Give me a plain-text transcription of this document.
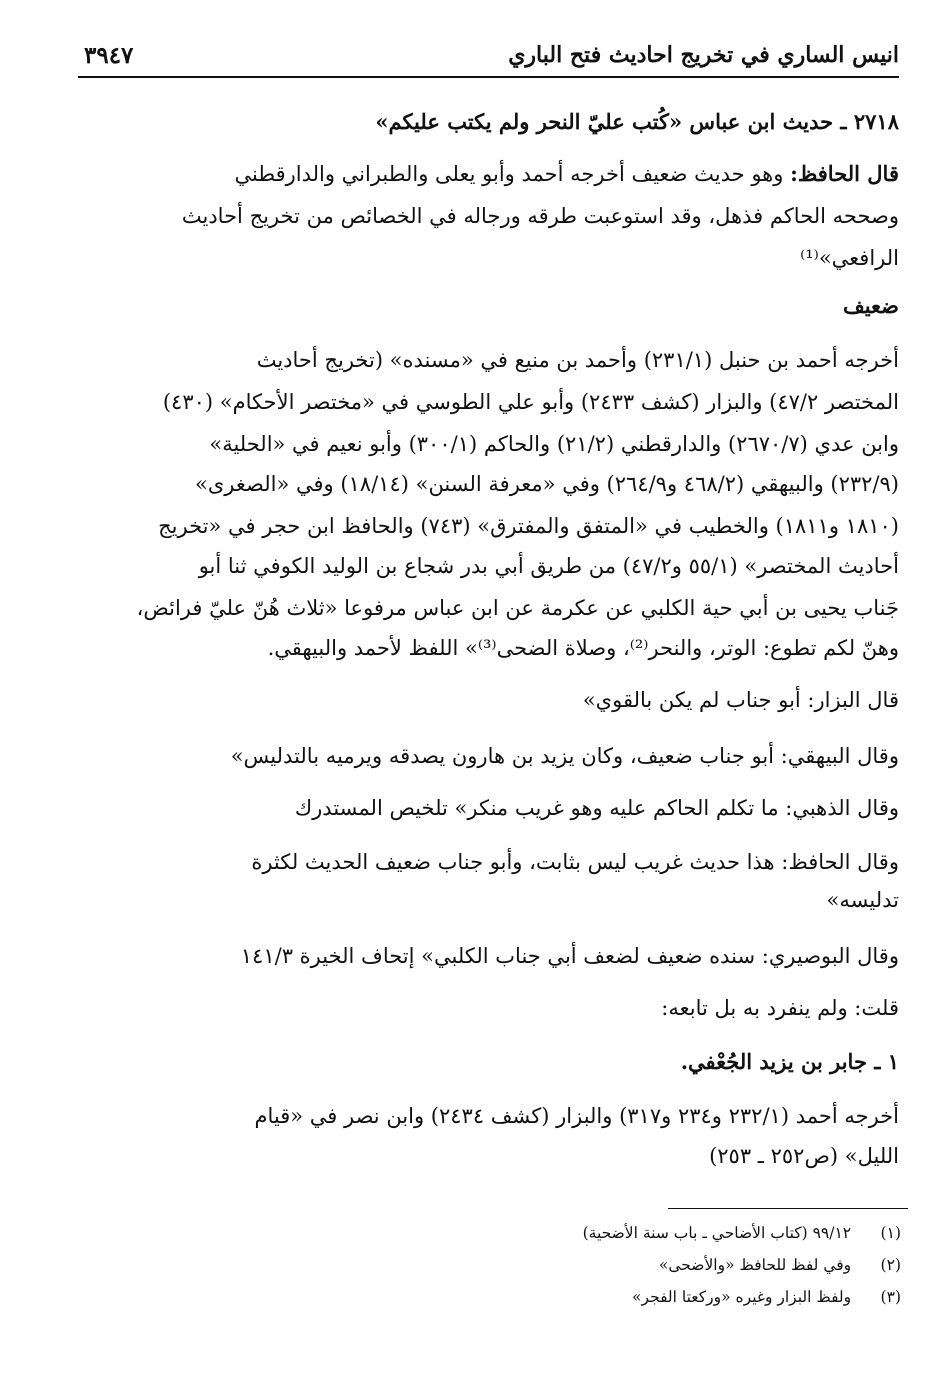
انيس الساري في تخريج احاديث فتح الباري
٣٩٤٧
٢٧١٨ ـ حديث ابن عباس «كُتب عليّ النحر ولم يكتب عليكم»
قال الحافظ: وهو حديث ضعيف أخرجه أحمد وأبو يعلى والطبراني والدارقطني
وصححه الحاكم فذهل، وقد استوعبت طرقه ورجاله في الخصائص من تخريج أحاديث
الرافعي»⁽¹⁾
ضعيف
أخرجه أحمد بن حنبل (٢٣١/١) وأحمد بن منيع في «مسنده» (تخريج أحاديث
المختصر ٤٧/٢) والبزار (كشف ٢٤٣٣) وأبو علي الطوسي في «مختصر الأحكام» (٤٣٠)
وابن عدي (٢٦٧٠/٧) والدارقطني (٢١/٢) والحاكم (٣٠٠/١) وأبو نعيم في «الحلية»
(٢٣٢/٩) والبيهقي (٤٦٨/٢ و٢٦٤/٩) وفي «معرفة السنن» (١٨/١٤) وفي «الصغرى»
(١٨١٠ و١٨١١) والخطيب في «المتفق والمفترق» (٧٤٣) والحافظ ابن حجر في «تخريج
أحاديث المختصر» (٥٥/١ و٤٧/٢) من طريق أبي بدر شجاع بن الوليد الكوفي ثنا أبو
جَناب يحيى بن أبي حية الكلبي عن عكرمة عن ابن عباس مرفوعا «ثلاث هُنّ عليّ فرائض،
وهنّ لكم تطوع: الوتر، والنحر⁽²⁾، وصلاة الضحى⁽³⁾» اللفظ لأحمد والبيهقي.
قال البزار: أبو جناب لم يكن بالقوي»
وقال البيهقي: أبو جناب ضعيف، وكان يزيد بن هارون يصدقه ويرميه بالتدليس»
وقال الذهبي: ما تكلم الحاكم عليه وهو غريب منكر» تلخيص المستدرك
وقال الحافظ: هذا حديث غريب ليس بثابت، وأبو جناب ضعيف الحديث لكثرة
تدليسه»
وقال البوصيري: سنده ضعيف لضعف أبي جناب الكلبي» إتحاف الخيرة ١٤١/٣
قلت: ولم ينفرد به بل تابعه:
١ ـ جابر بن يزيد الجُعْفي.
أخرجه أحمد (٢٣٢/١ و٢٣٤ و٣١٧) والبزار (كشف ٢٤٣٤) وابن نصر في «قيام
الليل» (ص٢٥٢ ـ ٢٥٣)
(١)  ٩٩/١٢ (كتاب الأضاحي ـ باب سنة الأضحية)
(٢)  وفي لفظ للحافظ «والأضحى»
(٣)  ولفظ البزار وغيره «وركعتا الفجر»
